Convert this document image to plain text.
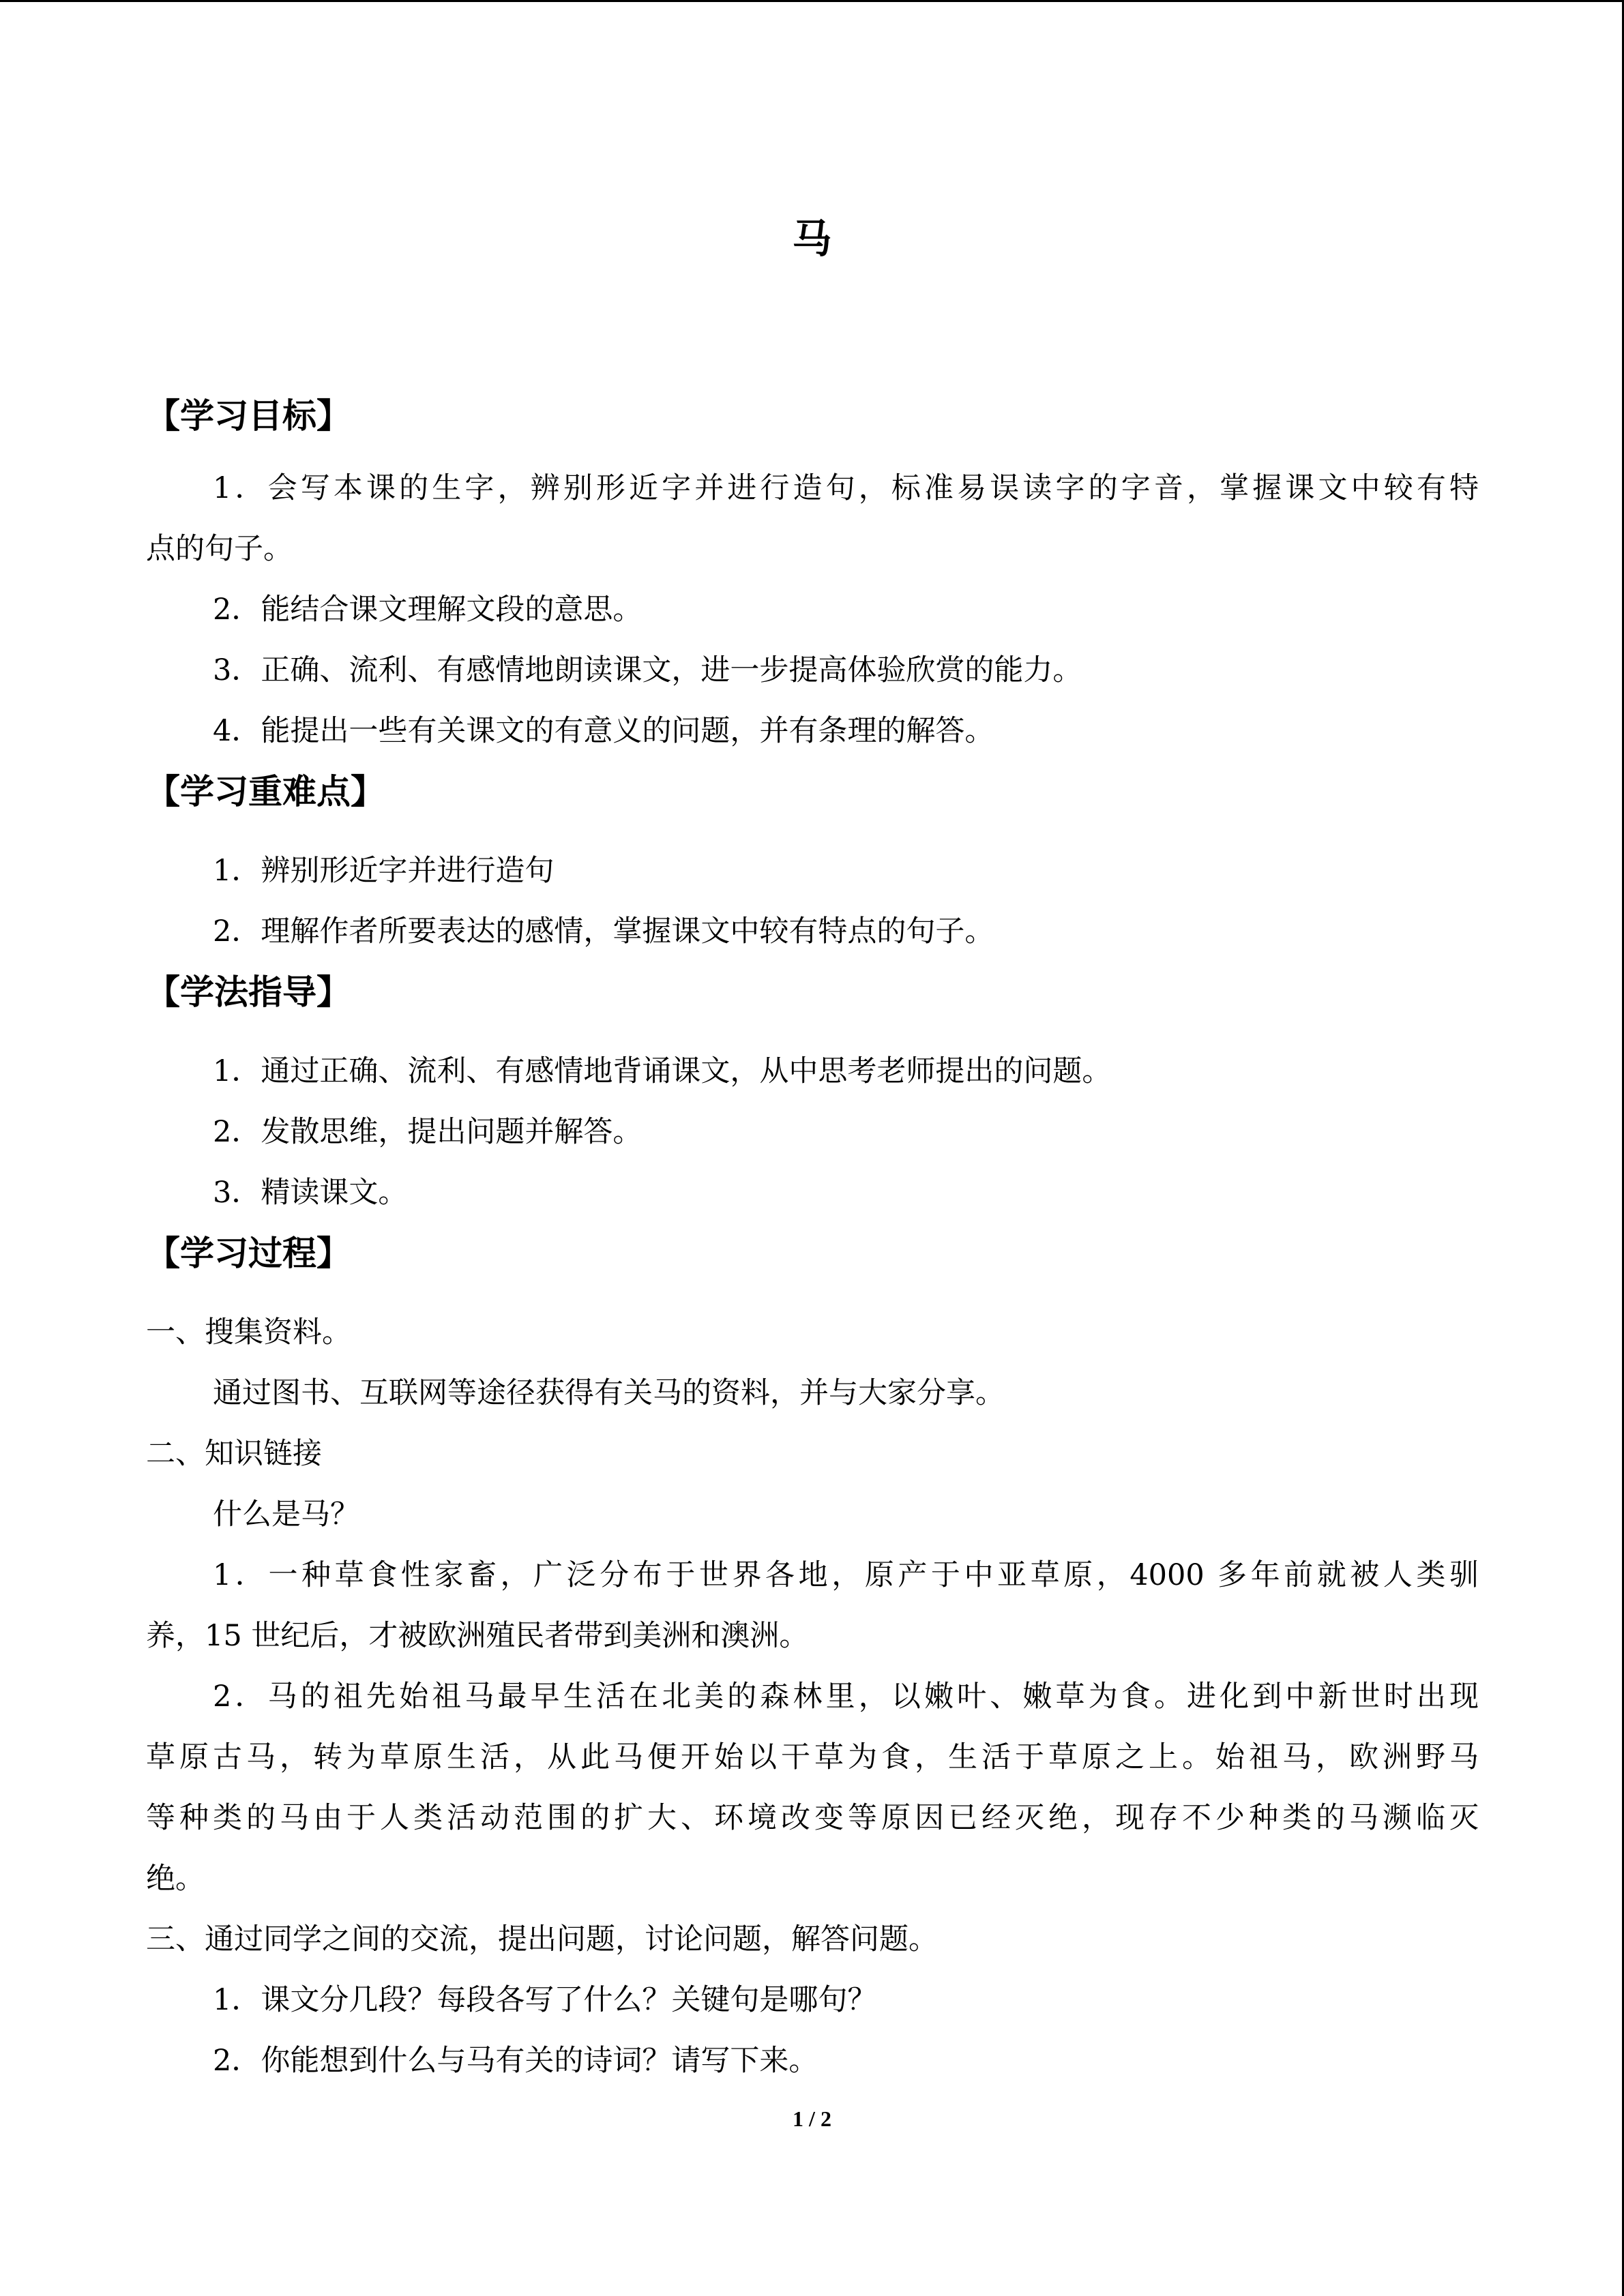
马
【学习目标】

1．会写本课的生字，辨别形近字并进行造句，标准易误读字的字音，掌握课文中较有特

点的句子。

2．能结合课文理解文段的意思。

3．正确、流利、有感情地朗读课文，进一步提高体验欣赏的能力。

4．能提出一些有关课文的有意义的问题，并有条理的解答。

【学习重难点】

1．辨别形近字并进行造句

2．理解作者所要表达的感情，掌握课文中较有特点的句子。

【学法指导】

1．通过正确、流利、有感情地背诵课文，从中思考老师提出的问题。

2．发散思维，提出问题并解答。

3．精读课文。

【学习过程】

一、搜集资料。

通过图书、互联网等途径获得有关马的资料，并与大家分享。

二、知识链接

什么是马？

1．一种草食性家畜，广泛分布于世界各地，原产于中亚草原，4000 多年前就被人类驯

养，15 世纪后，才被欧洲殖民者带到美洲和澳洲。

2．马的祖先始祖马最早生活在北美的森林里，以嫩叶、嫩草为食。进化到中新世时出现

草原古马，转为草原生活，从此马便开始以干草为食，生活于草原之上。始祖马，欧洲野马

等种类的马由于人类活动范围的扩大、环境改变等原因已经灭绝，现存不少种类的马濒临灭

绝。

三、通过同学之间的交流，提出问题，讨论问题，解答问题。

1．课文分几段？每段各写了什么？关键句是哪句？

2．你能想到什么与马有关的诗词？请写下来。

1 / 2
